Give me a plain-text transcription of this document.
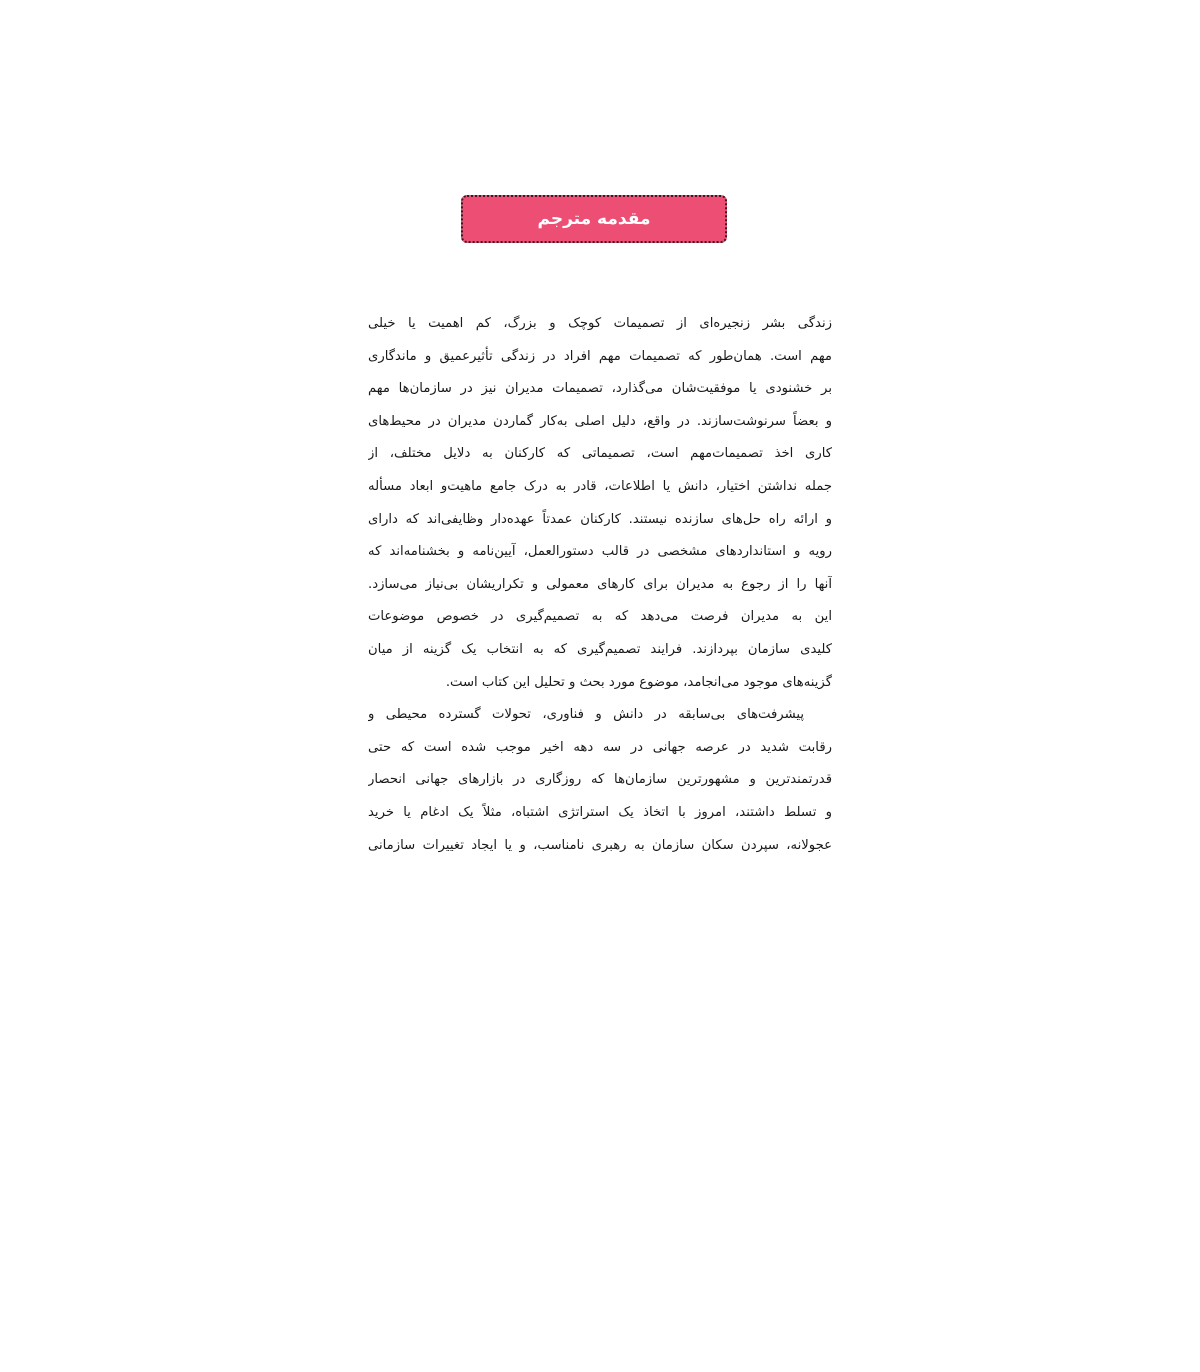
مقدمه مترجم
زندگی بشر زنجیره‌ای از تصمیمات کوچک و بزرگ، کم اهمیت یا خیلی
مهم است. همان‌طور که تصمیمات مهم افراد در زندگی تأثیرعمیق و ماندگاری
بر خشنودی یا موفقیت‌شان می‌گذارد، تصمیمات مدیران نیز در سازمان‌ها مهم
و بعضاً سرنوشت‌سازند. در واقع، دلیل اصلی به‌کار گماردن مدیران در محیط‌های
کاری اخذ تصمیمات‌مهم است، تصمیماتی که کارکنان به دلایل مختلف، از
جمله نداشتن اختیار، دانش یا اطلاعات، قادر به درک جامع ماهیت‌و ابعاد مسأله
و ارائه راه حل‌های سازنده نیستند. کارکنان عمدتاً عهده‌دار وظایفی‌اند که دارای
رویه و استانداردهای مشخصی در قالب دستورالعمل، آیین‌نامه و بخشنامه‌اند که
آنها را از رجوع به مدیران برای کارهای معمولی و تکراریشان بی‌نیاز می‌سازد.
این به مدیران فرصت می‌دهد که به تصمیم‌گیری در خصوص موضوعات
کلیدی سازمان بپردازند. فرایند تصمیم‌گیری که به انتخاب یک گزینه از میان
گزینه‌های موجود می‌انجامد، موضوع مورد بحث و تحلیل این کتاب است.
پیشرفت‌های بی‌سابقه در دانش و فناوری، تحولات گسترده محیطی و
رقابت شدید در عرصه جهانی در سه دهه اخیر موجب شده است که حتی
قدرتمندترین و مشهورترین سازمان‌ها که روزگاری در بازارهای جهانی انحصار
و تسلط داشتند، امروز با اتخاذ یک استراتژی اشتباه، مثلاً یک ادغام یا خرید
عجولانه، سپردن سکان سازمان به رهبری نامناسب، و یا ایجاد تغییرات سازمانی
